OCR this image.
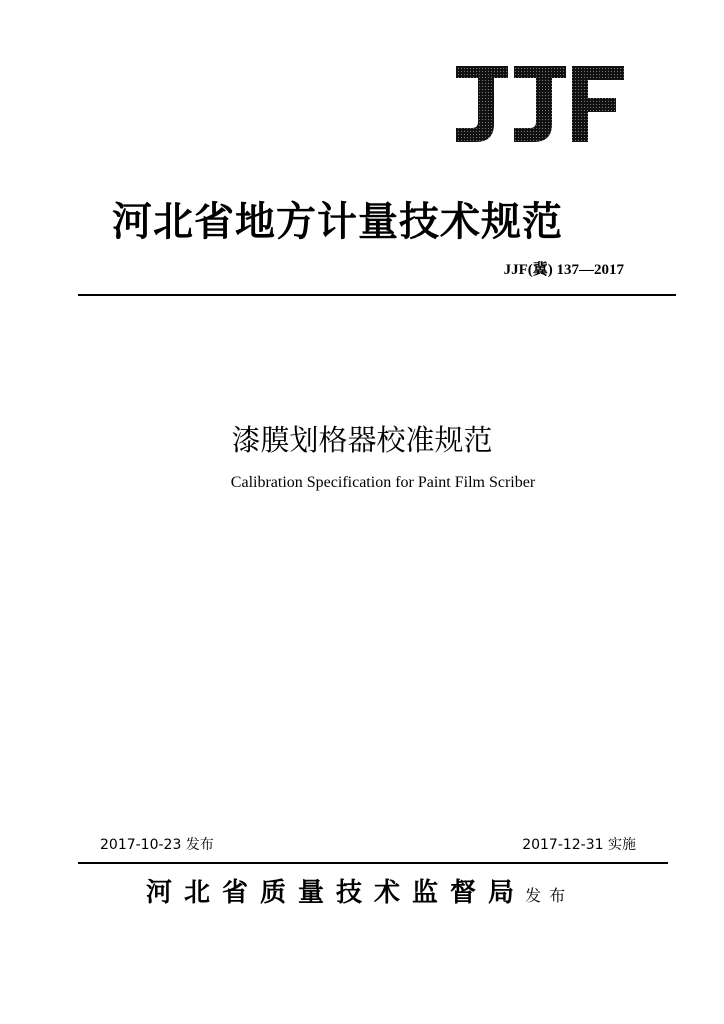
河北省地方计量技术规范
JJF(冀) 137—2017
漆膜划格器校准规范
Calibration Specification for Paint Film Scriber
2017-10-23 发布	2017-12-31 实施
河北省质量技术监督局 发布
